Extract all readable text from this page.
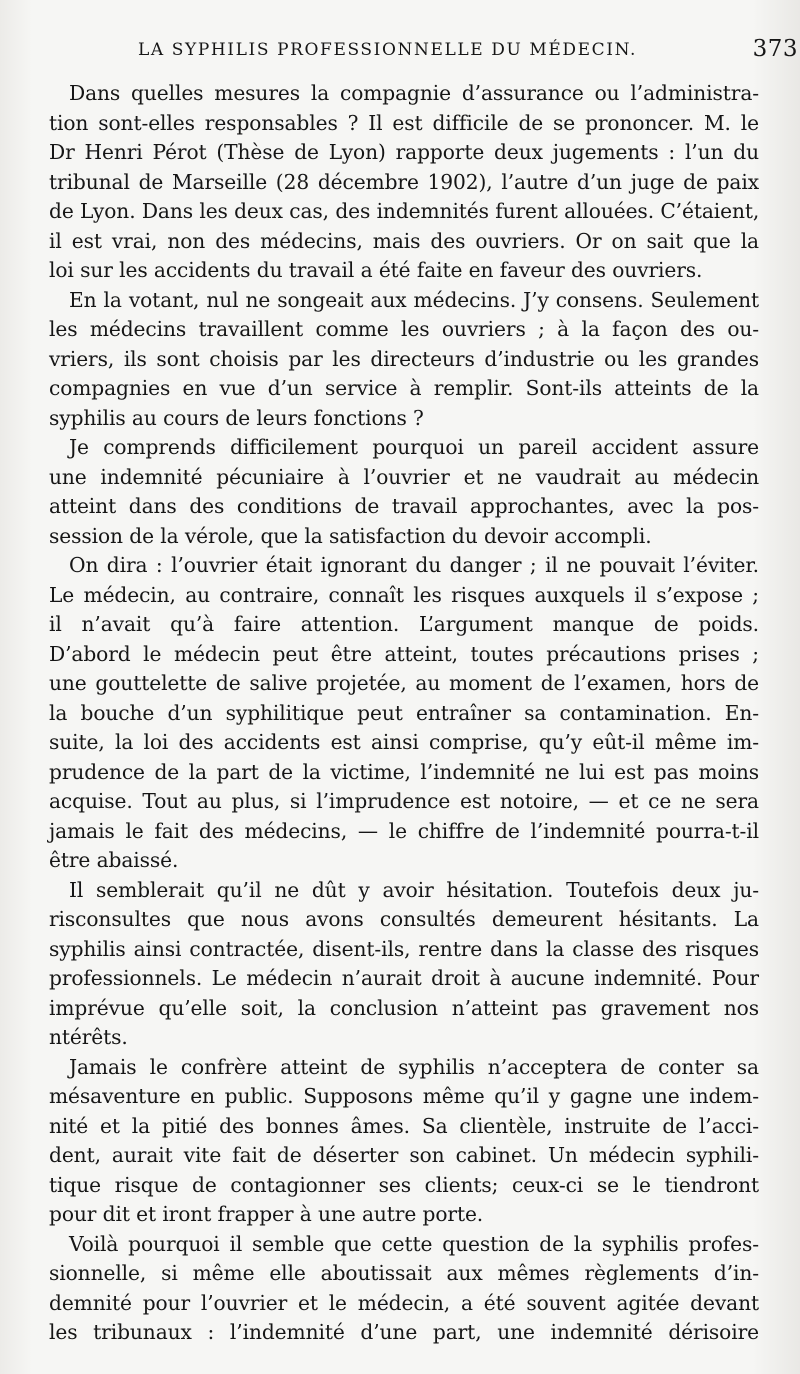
LA SYPHILIS PROFESSIONNELLE DU MÉDECIN.	373
Dans quelles mesures la compagnie d’assurance ou l’administra-
tion sont-elles responsables ? Il est difficile de se prononcer. M. le
Dr Henri Pérot (Thèse de Lyon) rapporte deux jugements : l’un du
tribunal de Marseille (28 décembre 1902), l’autre d’un juge de paix
de Lyon. Dans les deux cas, des indemnités furent allouées. C’étaient,
il est vrai, non des médecins, mais des ouvriers. Or on sait que la
loi sur les accidents du travail a été faite en faveur des ouvriers.
En la votant, nul ne songeait aux médecins. J’y consens. Seulement
les médecins travaillent comme les ouvriers ; à la façon des ou-
vriers, ils sont choisis par les directeurs d’industrie ou les grandes
compagnies en vue d’un service à remplir. Sont-ils atteints de la
syphilis au cours de leurs fonctions ?
Je comprends difficilement pourquoi un pareil accident assure
une indemnité pécuniaire à l’ouvrier et ne vaudrait au médecin
atteint dans des conditions de travail approchantes, avec la pos-
session de la vérole, que la satisfaction du devoir accompli.
On dira : l’ouvrier était ignorant du danger ; il ne pouvait l’éviter.
Le médecin, au contraire, connaît les risques auxquels il s’expose ;
il n’avait qu’à faire attention. L’argument manque de poids.
D’abord le médecin peut être atteint, toutes précautions prises ;
une gouttelette de salive projetée, au moment de l’examen, hors de
la bouche d’un syphilitique peut entraîner sa contamination. En-
suite, la loi des accidents est ainsi comprise, qu’y eût-il même im-
prudence de la part de la victime, l’indemnité ne lui est pas moins
acquise. Tout au plus, si l’imprudence est notoire, — et ce ne sera
jamais le fait des médecins, — le chiffre de l’indemnité pourra-t-il
être abaissé.
Il semblerait qu’il ne dût y avoir hésitation. Toutefois deux ju-
risconsultes que nous avons consultés demeurent hésitants. La
syphilis ainsi contractée, disent-ils, rentre dans la classe des risques
professionnels. Le médecin n’aurait droit à aucune indemnité. Pour
imprévue qu’elle soit, la conclusion n’atteint pas gravement nos
ntérêts.
Jamais le confrère atteint de syphilis n’acceptera de conter sa
mésaventure en public. Supposons même qu’il y gagne une indem-
nité et la pitié des bonnes âmes. Sa clientèle, instruite de l’acci-
dent, aurait vite fait de déserter son cabinet. Un médecin syphili-
tique risque de contagionner ses clients; ceux-ci se le tiendront
pour dit et iront frapper à une autre porte.
Voilà pourquoi il semble que cette question de la syphilis profes-
sionnelle, si même elle aboutissait aux mêmes règlements d’in-
demnité pour l’ouvrier et le médecin, a été souvent agitée devant
les tribunaux : l’indemnité d’une part, une indemnité dérisoire
